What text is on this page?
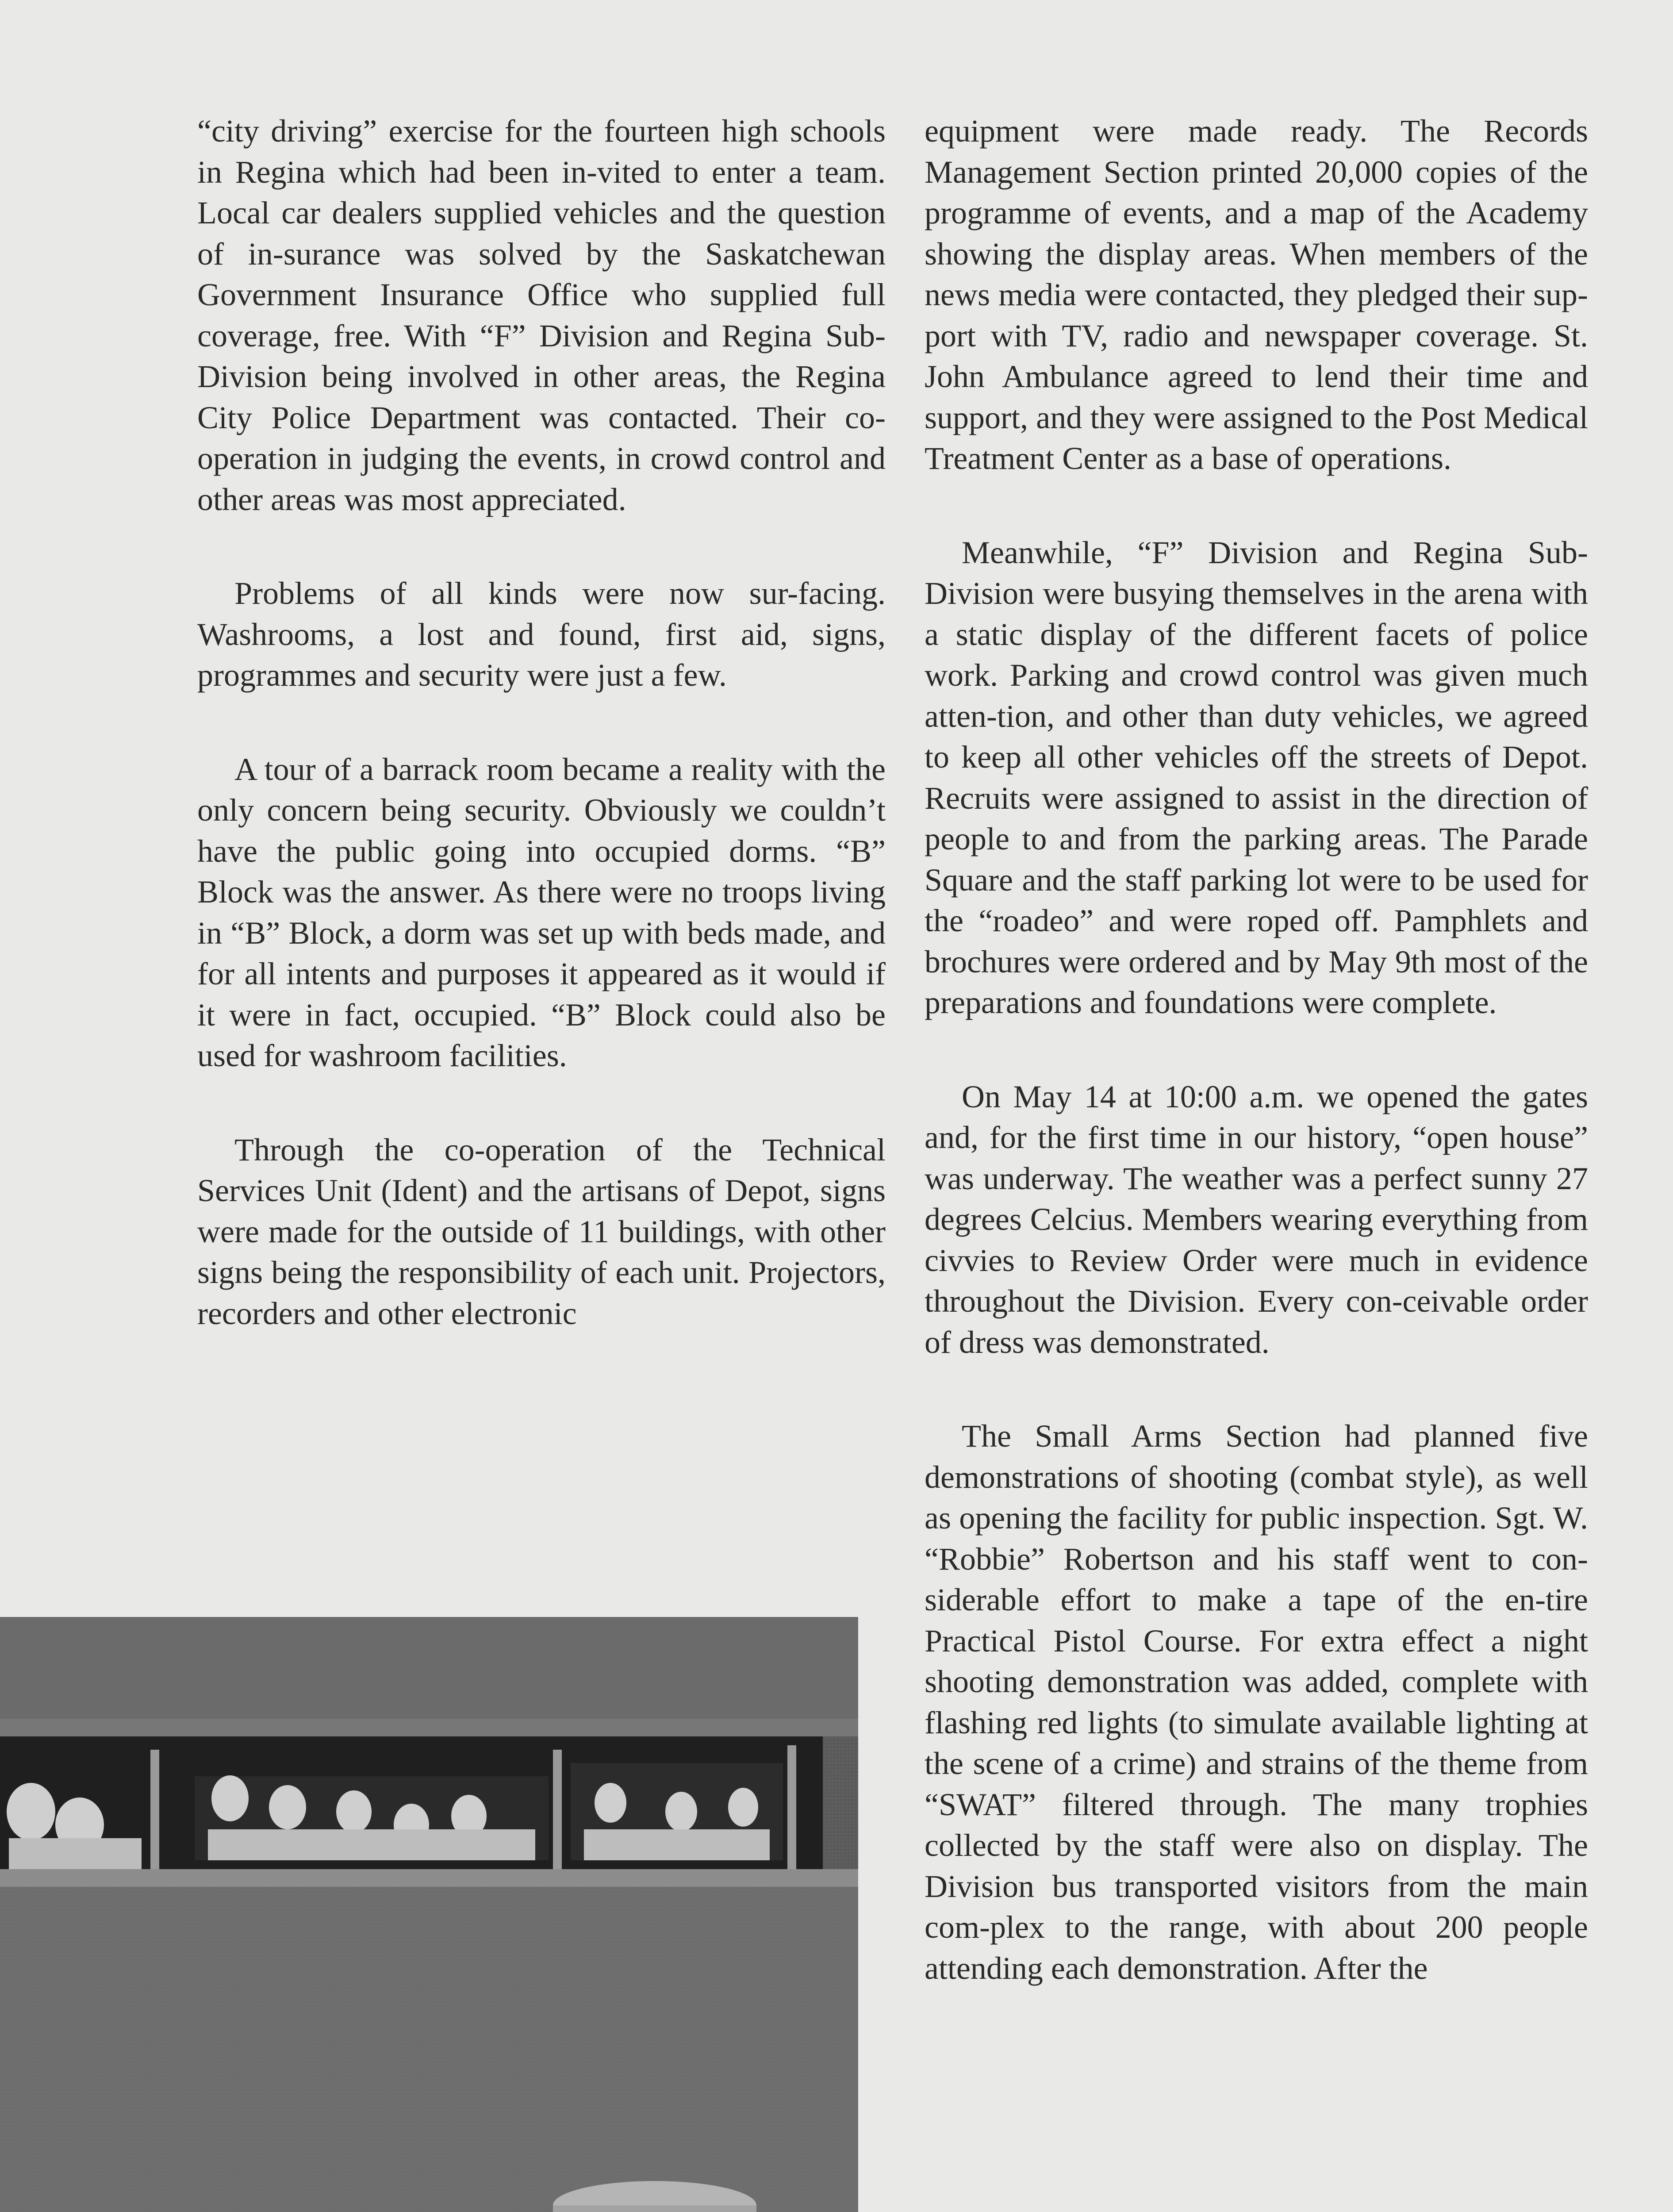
“city driving” exercise for the fourteen high schools in Regina which had been in-vited to enter a team. Local car dealers supplied vehicles and the question of in-surance was solved by the Saskatchewan Government Insurance Office who supplied full coverage, free. With “F” Division and Regina Sub-Division being involved in other areas, the Regina City Police Department was contacted. Their co-operation in judging the events, in crowd control and other areas was most appreciated.

Problems of all kinds were now sur-facing. Washrooms, a lost and found, first aid, signs, programmes and security were just a few.

A tour of a barrack room became a reality with the only concern being security. Obviously we couldn’t have the public going into occupied dorms. “B” Block was the answer. As there were no troops living in “B” Block, a dorm was set up with beds made, and for all intents and purposes it appeared as it would if it were in fact, occupied. “B” Block could also be used for washroom facilities.

Through the co-operation of the Technical Services Unit (Ident) and the artisans of Depot, signs were made for the outside of 11 buildings, with other signs being the responsibility of each unit. Projectors, recorders and other electronic

equipment were made ready. The Records Management Section printed 20,000 copies of the programme of events, and a map of the Academy showing the display areas. When members of the news media were contacted, they pledged their sup-port with TV, radio and newspaper coverage. St. John Ambulance agreed to lend their time and support, and they were assigned to the Post Medical Treatment Center as a base of operations.

Meanwhile, “F” Division and Regina Sub-Division were busying themselves in the arena with a static display of the different facets of police work. Parking and crowd control was given much atten-tion, and other than duty vehicles, we agreed to keep all other vehicles off the streets of Depot. Recruits were assigned to assist in the direction of people to and from the parking areas. The Parade Square and the staff parking lot were to be used for the “roadeo” and were roped off. Pamphlets and brochures were ordered and by May 9th most of the preparations and foundations were complete.

On May 14 at 10:00 a.m. we opened the gates and, for the first time in our history, “open house” was underway. The weather was a perfect sunny 27 degrees Celcius. Members wearing everything from civvies to Review Order were much in evidence throughout the Division. Every con-ceivable order of dress was demonstrated.

The Small Arms Section had planned five demonstrations of shooting (combat style), as well as opening the facility for public inspection. Sgt. W. “Robbie” Robertson and his staff went to con-siderable effort to make a tape of the en-tire Practical Pistol Course. For extra effect a night shooting demonstration was added, complete with flashing red lights (to simulate available lighting at the scene of a crime) and strains of the theme from “SWAT” filtered through. The many trophies collected by the staff were also on display. The Division bus transported visitors from the main com-plex to the range, with about 200 people attending each demonstration. After the
